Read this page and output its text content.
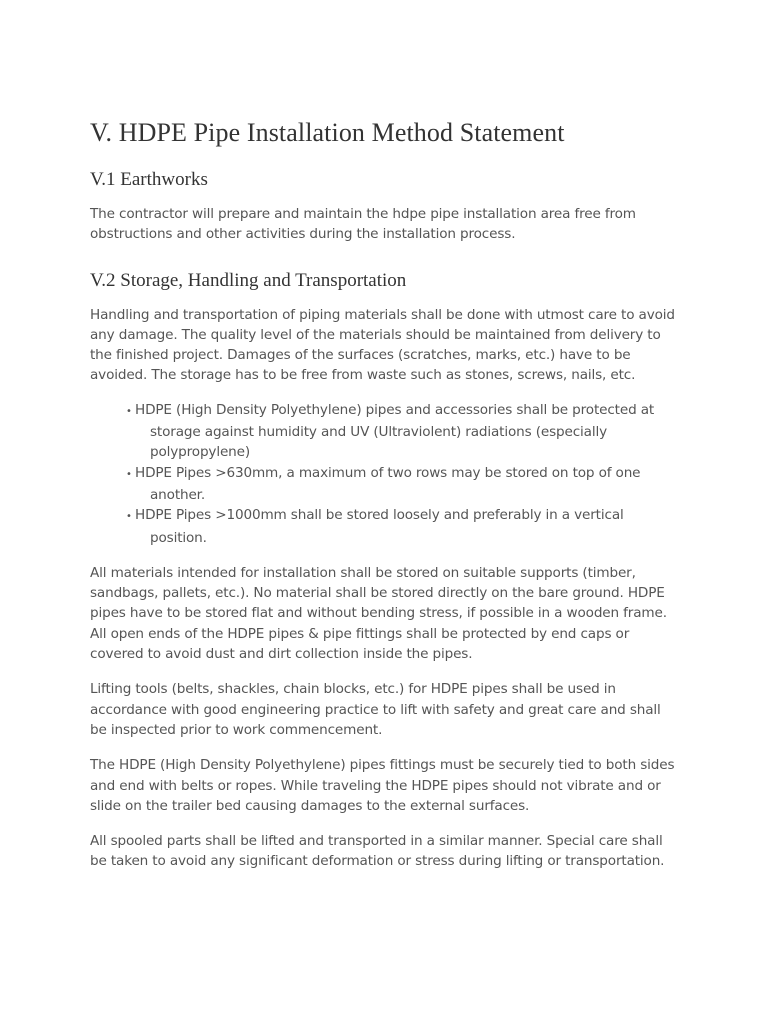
V. HDPE Pipe Installation Method Statement
V.1 Earthworks

The contractor will prepare and maintain the hdpe pipe installation area free from obstructions and other activities during the installation process.

V.2 Storage, Handling and Transportation

Handling and transportation of piping materials shall be done with utmost care to avoid any damage. The quality level of the materials should be maintained from delivery to the finished project. Damages of the surfaces (scratches, marks, etc.) have to be avoided. The storage has to be free from waste such as stones, screws, nails, etc.

• HDPE (High Density Polyethylene) pipes and accessories shall be protected at storage against humidity and UV (Ultraviolent) radiations (especially polypropylene)
• HDPE Pipes >630mm, a maximum of two rows may be stored on top of one another.
• HDPE Pipes >1000mm shall be stored loosely and preferably in a vertical position.

All materials intended for installation shall be stored on suitable supports (timber, sandbags, pallets, etc.). No material shall be stored directly on the bare ground. HDPE pipes have to be stored flat and without bending stress, if possible in a wooden frame. All open ends of the HDPE pipes & pipe fittings shall be protected by end caps or covered to avoid dust and dirt collection inside the pipes.

Lifting tools (belts, shackles, chain blocks, etc.) for HDPE pipes shall be used in accordance with good engineering practice to lift with safety and great care and shall be inspected prior to work commencement.

The HDPE (High Density Polyethylene) pipes fittings must be securely tied to both sides and end with belts or ropes. While traveling the HDPE pipes should not vibrate and or slide on the trailer bed causing damages to the external surfaces.

All spooled parts shall be lifted and transported in a similar manner. Special care shall be taken to avoid any significant deformation or stress during lifting or transportation.
